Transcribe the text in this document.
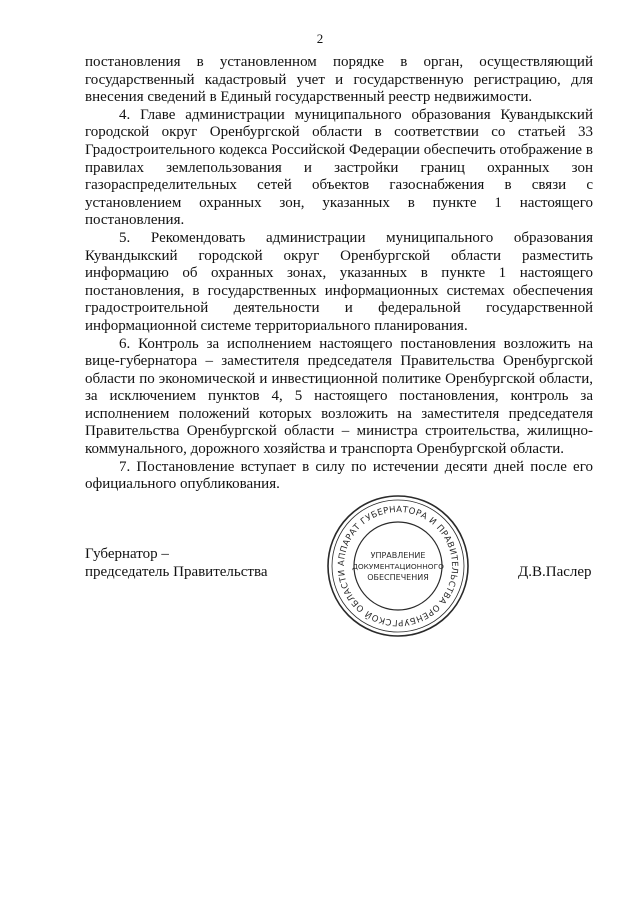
2

постановления в установленном порядке в орган, осуществляющий государственный кадастровый учет и государственную регистрацию, для внесения сведений в Единый государственный реестр недвижимости.

4. Главе администрации муниципального образования Кувандыкский городской округ Оренбургской области в соответствии со статьей 33 Градостроительного кодекса Российской Федерации обеспечить отображение в правилах землепользования и застройки границ охранных зон газораспределительных сетей объектов газоснабжения в связи с установлением охранных зон, указанных в пункте 1 настоящего постановления.

5. Рекомендовать администрации муниципального образования Кувандыкский городской округ Оренбургской области разместить информацию об охранных зонах, указанных в пункте 1 настоящего постановления, в государственных информационных системах обеспечения градостроительной деятельности и федеральной государственной информационной системе территориального планирования.

6. Контроль за исполнением настоящего постановления возложить на вице-губернатора – заместителя председателя Правительства Оренбургской области по экономической и инвестиционной политике Оренбургской области, за исключением пунктов 4, 5 настоящего постановления, контроль за исполнением положений которых возложить на заместителя председателя Правительства Оренбургской области – министра строительства, жилищно-коммунального, дорожного хозяйства и транспорта Оренбургской области.

7. Постановление вступает в силу по истечении десяти дней после его официального опубликования.

Губернатор –
председатель Правительства	Д.В.Паслер
АППАРАТ ГУБЕРНАТОРА И ПРАВИТЕЛЬСТВА ОРЕНБУРГСКОЙ ОБЛАСТИ
УПРАВЛЕНИЕ
ДОКУМЕНТАЦИОННОГО
ОБЕСПЕЧЕНИЯ
